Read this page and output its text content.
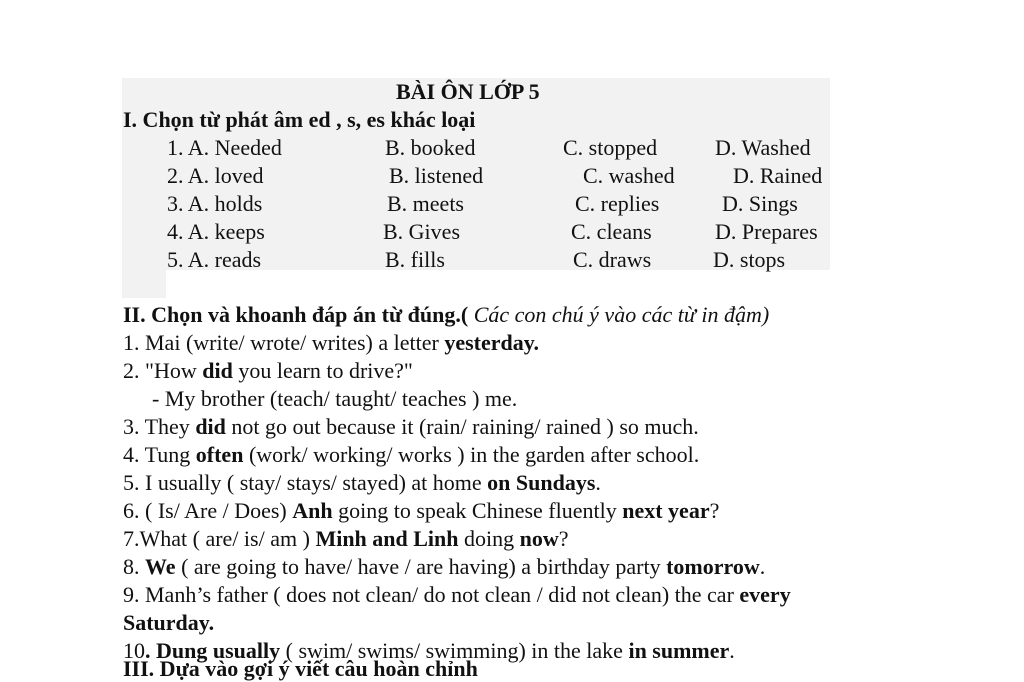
BÀI ÔN LỚP 5
I. Chọn từ phát âm ed , s, es khác loại
1. A. Needed	B. booked	C. stopped	D. Washed
2. A. loved	B. listened	C. washed	D. Rained
3. A. holds	B. meets	C. replies	D. Sings
4. A. keeps	B. Gives	C. cleans	D. Prepares
5. A. reads	B. fills	C. draws	D. stops
II. Chọn và khoanh đáp án từ đúng.( Các con chú ý vào các từ in đậm)
1. Mai (write/ wrote/ writes) a letter yesterday.
2. "How did you learn to drive?"
- My brother (teach/ taught/ teaches ) me.
3. They did not go out because it (rain/ raining/ rained ) so much.
4. Tung often (work/ working/ works ) in the garden after school.
5. I usually ( stay/ stays/ stayed) at home on Sundays.
6. ( Is/ Are / Does) Anh going to speak Chinese fluently next year?
7.What ( are/ is/ am ) Minh and Linh doing now?
8. We ( are going to have/ have / are having) a birthday party tomorrow.
9. Manh’s father ( does not clean/ do not clean / did not clean) the car every
Saturday.
10. Dung usually ( swim/ swims/ swimming) in the lake in summer.
III. Dựa vào gợi ý viết câu hoàn chỉnh
